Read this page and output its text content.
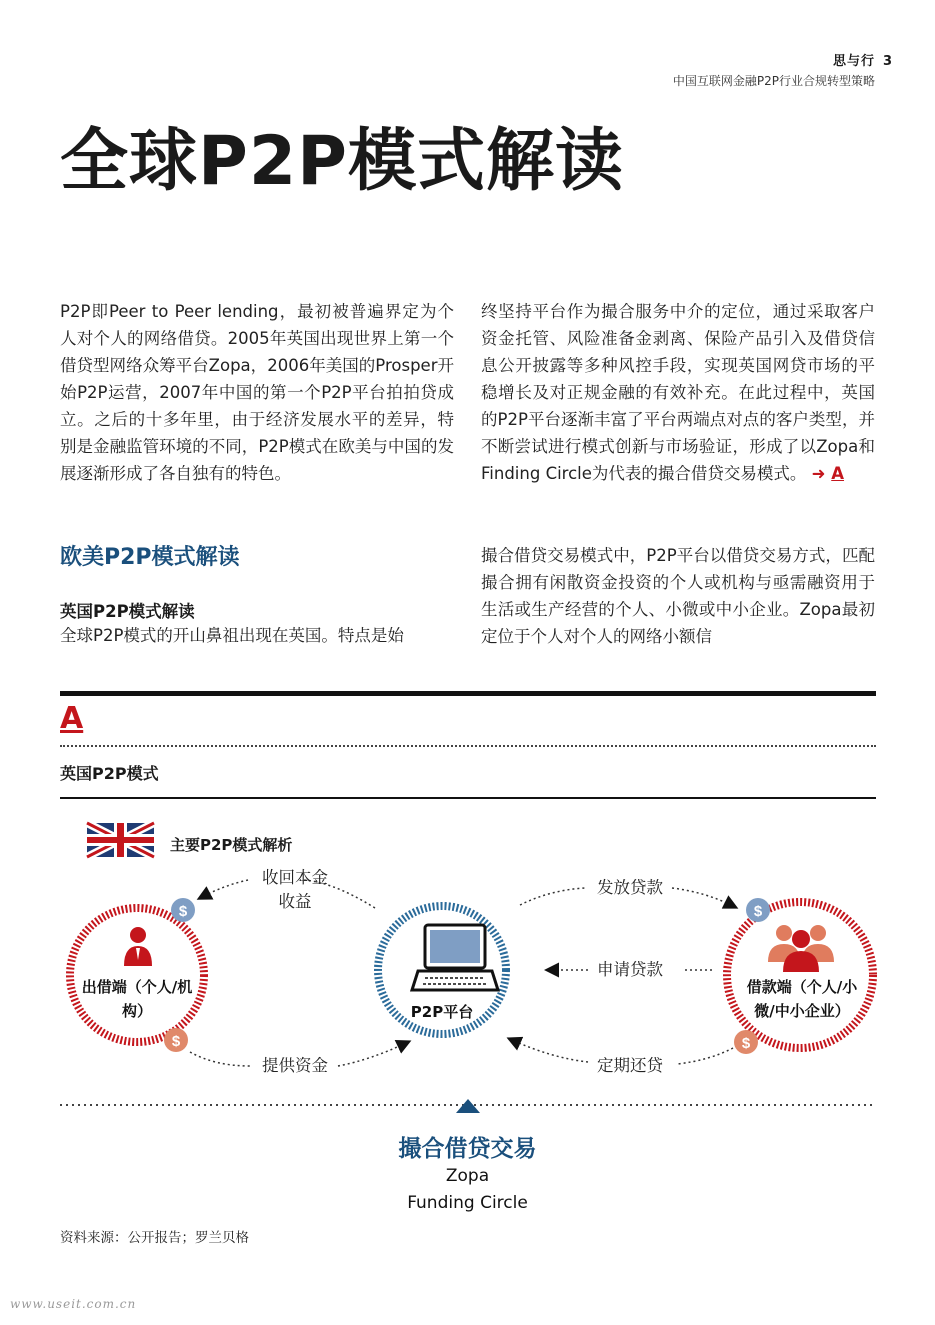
思与行 3
中国互联网金融P2P行业合规转型策略
全球P2P模式解读

P2P即Peer to Peer lending，最初被普遍界定为个人对个人的网络借贷。2005年英国出现世界上第一个借贷型网络众筹平台Zopa，2006年美国的Prosper开始P2P运营，2007年中国的第一个P2P平台拍拍贷成立。之后的十多年里，由于经济发展水平的差异，特别是金融监管环境的不同，P2P模式在欧美与中国的发展逐渐形成了各自独有的特色。

终坚持平台作为撮合服务中介的定位，通过采取客户资金托管、风险准备金剥离、保险产品引入及借贷信息公开披露等多种风控手段，实现英国网贷市场的平稳增长及对正规金融的有效补充。在此过程中，英国的P2P平台逐渐丰富了平台两端点对点的客户类型，并不断尝试进行模式创新与市场验证，形成了以Zopa和Finding Circle为代表的撮合借贷交易模式。 ➜ A

欧美P2P模式解读
英国P2P模式解读

全球P2P模式的开山鼻祖出现在英国。特点是始

撮合借贷交易模式中，P2P平台以借贷交易方式，匹配撮合拥有闲散资金投资的个人或机构与亟需融资用于生活或生产经营的个人、小微或中小企业。Zopa最初定位于个人对个人的网络小额信

A
英国P2P模式
$
$
$
$
主要P2P模式解析
收回本金
收益
提供资金
发放贷款
申请贷款
定期还贷
出借端（个人/机构）	P2P平台
借款端（个人/小微/中小企业）
撮合借贷交易
Zopa
Funding Circle
资料来源：公开报告；罗兰贝格
www.useit.com.cn
